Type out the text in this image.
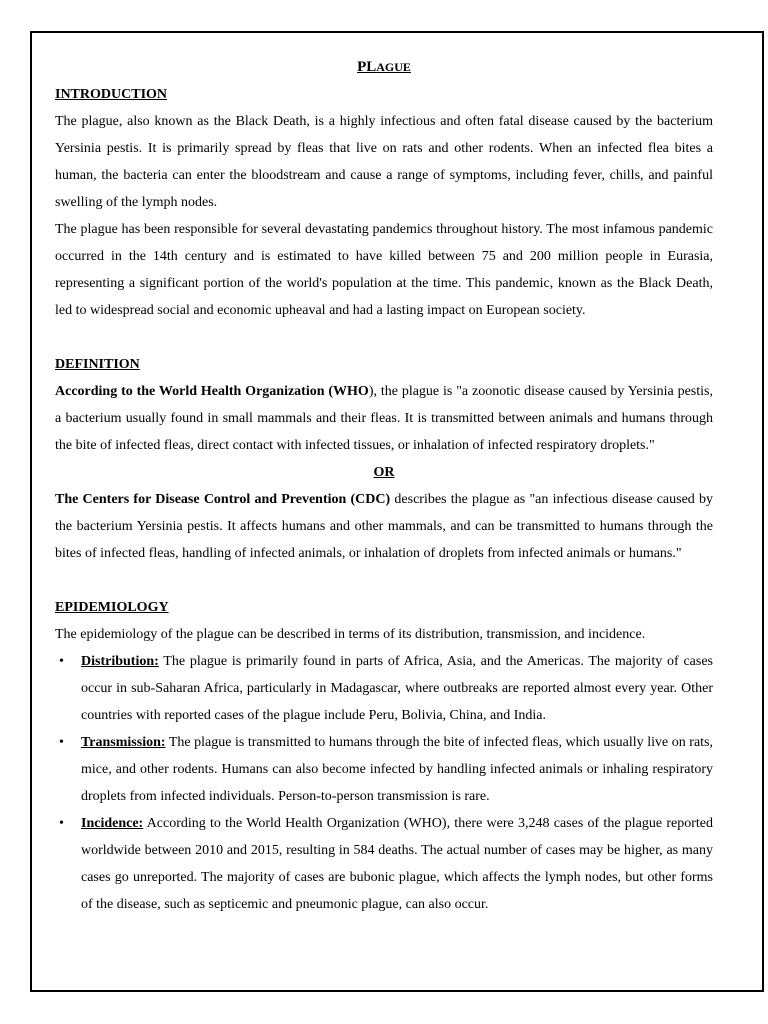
PLAGUE
INTRODUCTION

The plague, also known as the Black Death, is a highly infectious and often fatal disease caused by the bacterium Yersinia pestis. It is primarily spread by fleas that live on rats and other rodents. When an infected flea bites a human, the bacteria can enter the bloodstream and cause a range of symptoms, including fever, chills, and painful swelling of the lymph nodes.

The plague has been responsible for several devastating pandemics throughout history. The most infamous pandemic occurred in the 14th century and is estimated to have killed between 75 and 200 million people in Eurasia, representing a significant portion of the world's population at the time. This pandemic, known as the Black Death, led to widespread social and economic upheaval and had a lasting impact on European society.

DEFINITION

According to the World Health Organization (WHO), the plague is "a zoonotic disease caused by Yersinia pestis, a bacterium usually found in small mammals and their fleas. It is transmitted between animals and humans through the bite of infected fleas, direct contact with infected tissues, or inhalation of infected respiratory droplets."

OR

The Centers for Disease Control and Prevention (CDC) describes the plague as "an infectious disease caused by the bacterium Yersinia pestis. It affects humans and other mammals, and can be transmitted to humans through the bites of infected fleas, handling of infected animals, or inhalation of droplets from infected animals or humans."

EPIDEMIOLOGY

The epidemiology of the plague can be described in terms of its distribution, transmission, and incidence.

• Distribution: The plague is primarily found in parts of Africa, Asia, and the Americas. The majority of cases occur in sub-Saharan Africa, particularly in Madagascar, where outbreaks are reported almost every year. Other countries with reported cases of the plague include Peru, Bolivia, China, and India.
• Transmission: The plague is transmitted to humans through the bite of infected fleas, which usually live on rats, mice, and other rodents. Humans can also become infected by handling infected animals or inhaling respiratory droplets from infected individuals. Person-to-person transmission is rare.
• Incidence: According to the World Health Organization (WHO), there were 3,248 cases of the plague reported worldwide between 2010 and 2015, resulting in 584 deaths. The actual number of cases may be higher, as many cases go unreported. The majority of cases are bubonic plague, which affects the lymph nodes, but other forms of the disease, such as septicemic and pneumonic plague, can also occur.
